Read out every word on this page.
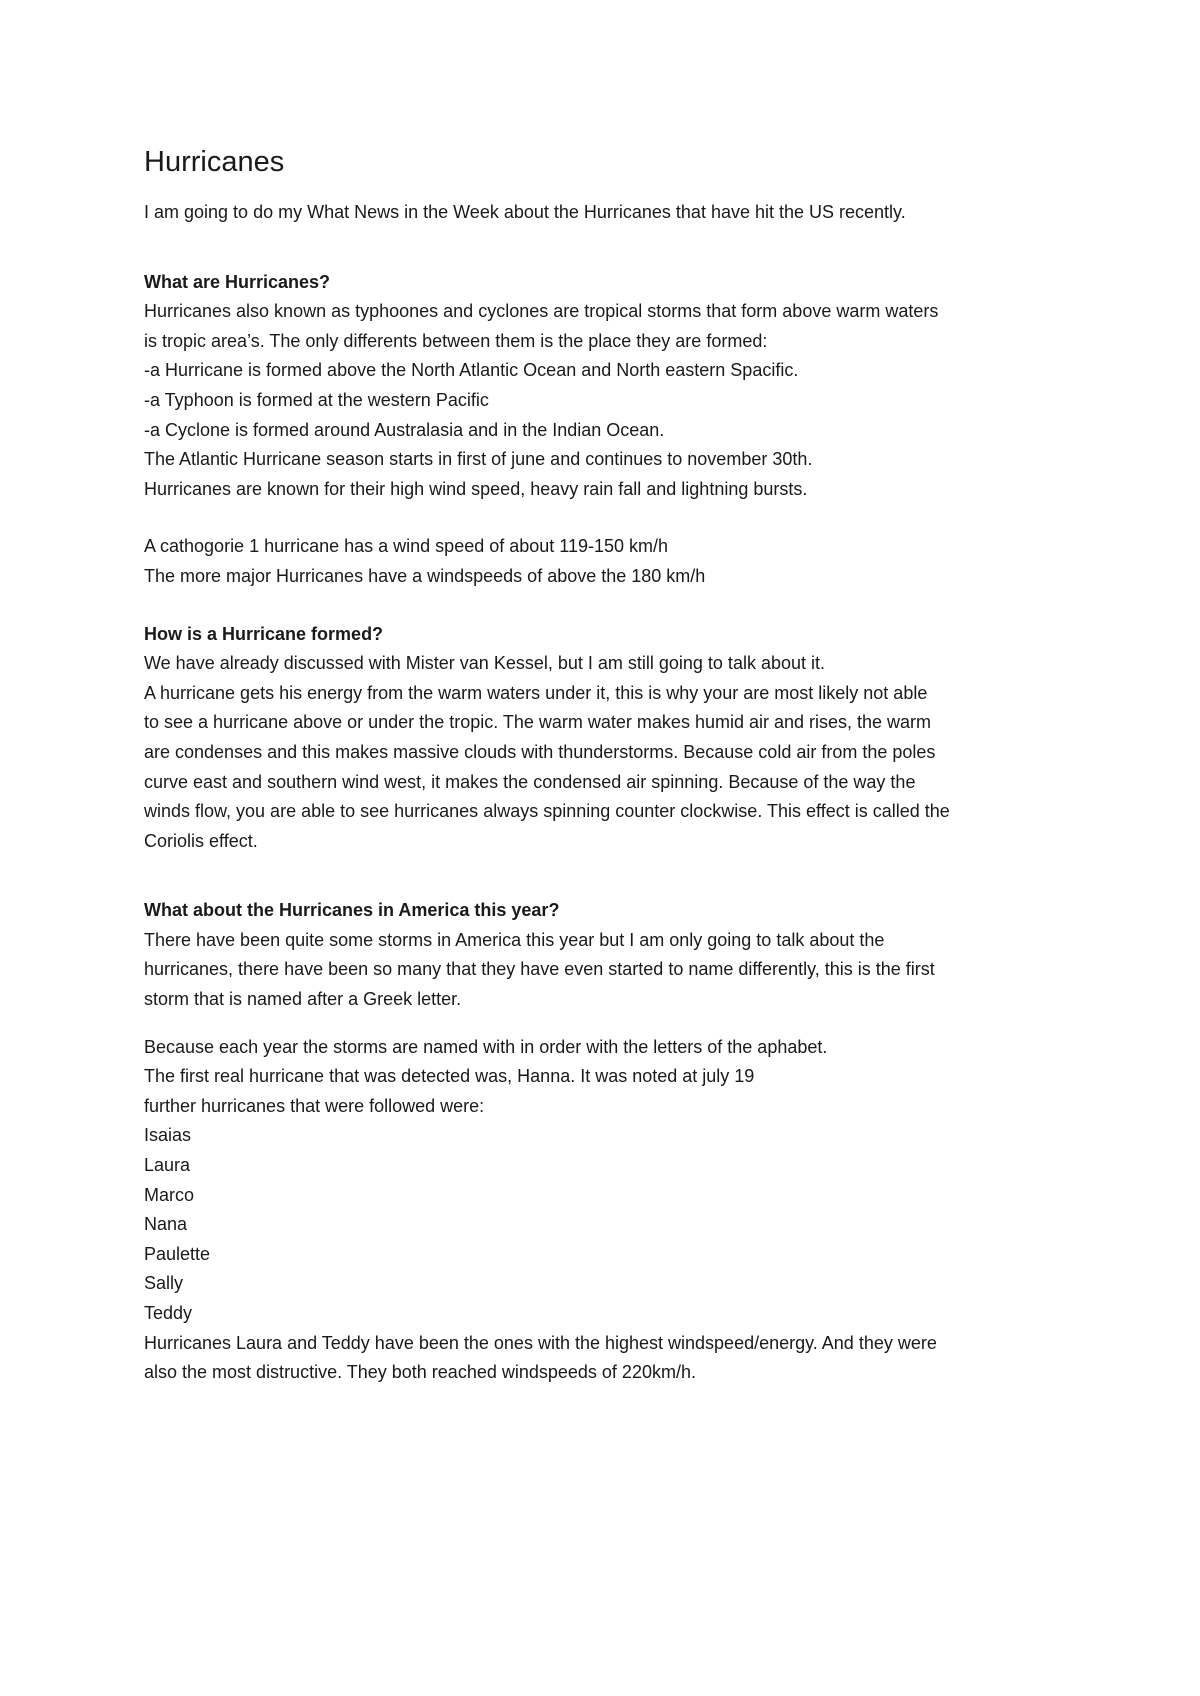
Hurricanes

I am going to do my What News in the Week about the Hurricanes that have hit the US recently.

What are Hurricanes?

Hurricanes also known as typhoones and cyclones are tropical storms that form above warm waters

is tropic area’s. The only differents between them is the place they are formed:

-a Hurricane is formed above the North Atlantic Ocean and North eastern Spacific.

-a Typhoon is formed at the western Pacific

-a Cyclone is formed around Australasia and in the Indian Ocean.

The Atlantic Hurricane season starts in first of june and continues to november 30th.

Hurricanes are known for their high wind speed, heavy rain fall and lightning bursts.

A cathogorie 1 hurricane has a wind speed of about 119-150 km/h

The more major Hurricanes have a windspeeds of above the 180 km/h

How is a Hurricane formed?

We have already discussed with Mister van Kessel, but I am still going to talk about it.

A hurricane gets his energy from the warm waters under it, this is why your are most likely not able

to see a hurricane above or under the tropic. The warm water makes humid air and rises, the warm

are condenses and this makes massive clouds with thunderstorms. Because cold air from the poles

curve east and southern wind west, it makes the condensed air spinning. Because of the way the

winds flow, you are able to see hurricanes always spinning counter clockwise. This effect is called the

Coriolis effect.

What about the Hurricanes in America this year?

There have been quite some storms in America this year but I am only going to talk about the

hurricanes, there have been so many that they have even started to name differently, this is the first

storm that is named after a Greek letter.

Because each year the storms are named with in order with the letters of the aphabet.

The first real hurricane that was detected was, Hanna. It was noted at july 19

further hurricanes that were followed were:

Isaias

Laura

Marco

Nana

Paulette

Sally

Teddy

Hurricanes Laura and Teddy have been the ones with the highest windspeed/energy. And they were

also the most distructive. They both reached windspeeds of 220km/h.
